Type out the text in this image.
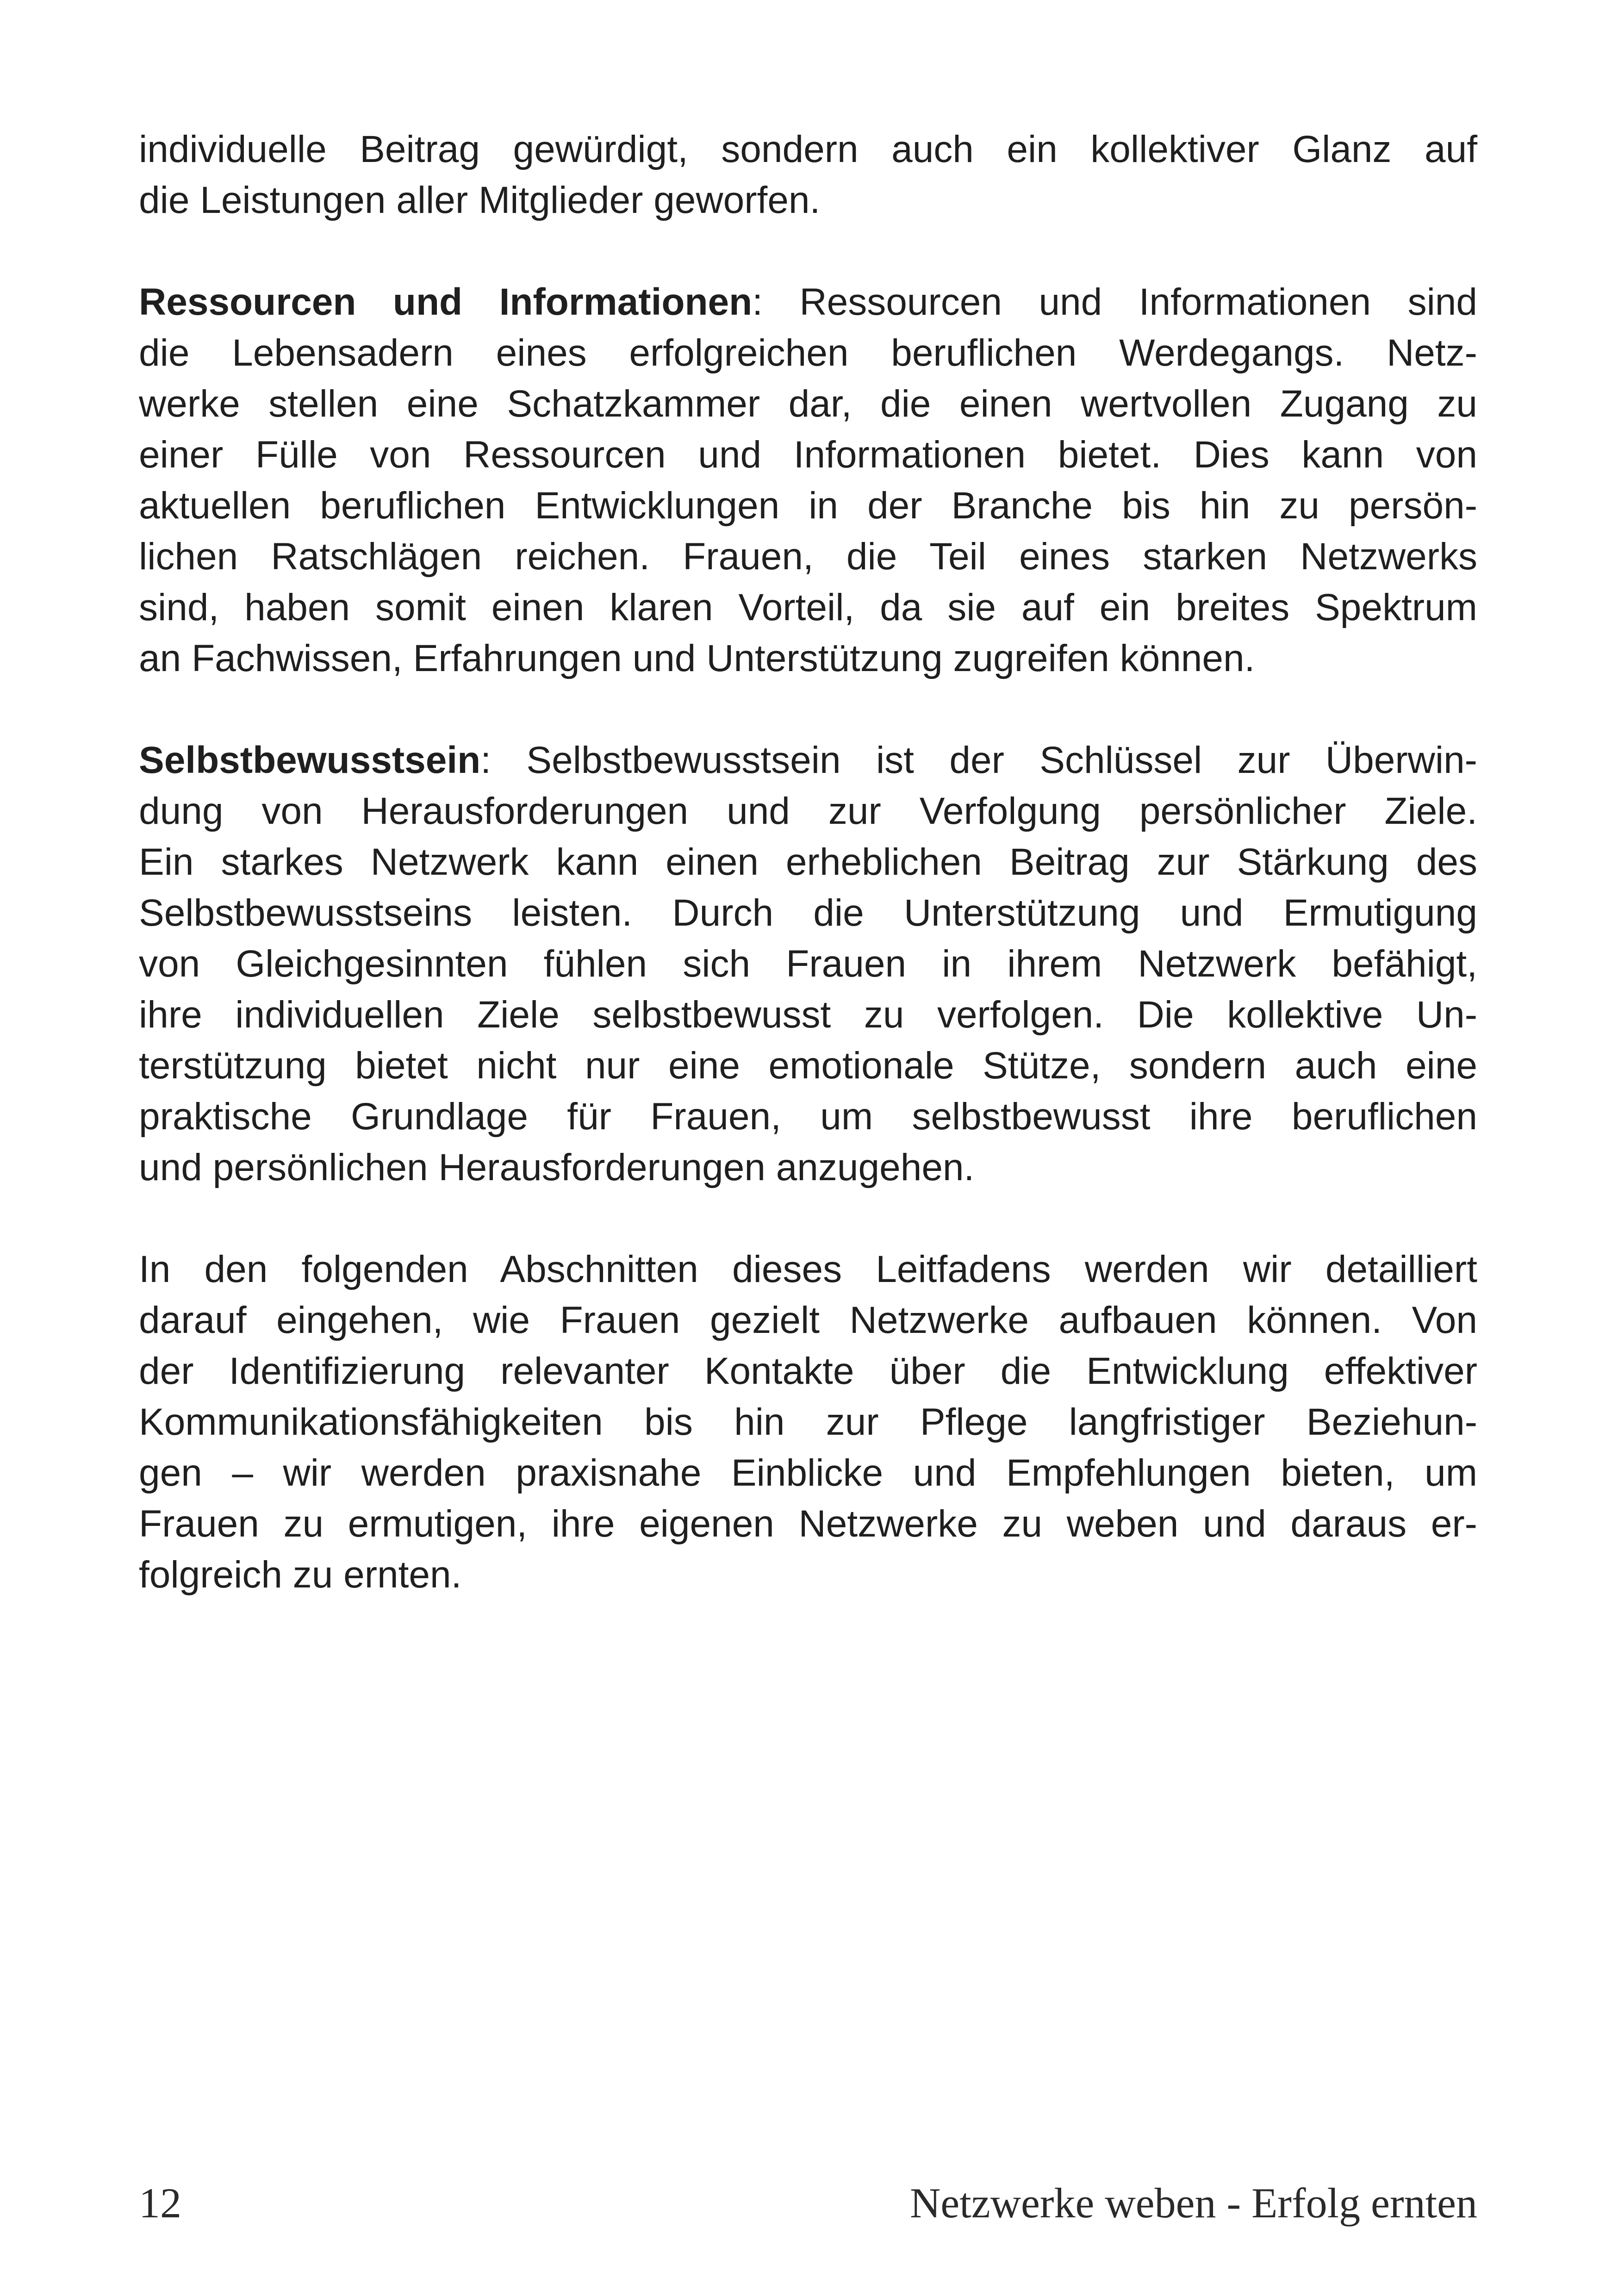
individuelle Beitrag gewürdigt, sondern auch ein kollektiver Glanz auf
die Leistungen aller Mitglieder geworfen.
Ressourcen und Informationen: Ressourcen und Informationen sind
die Lebensadern eines erfolgreichen beruflichen Werdegangs. Netz-
werke stellen eine Schatzkammer dar, die einen wertvollen Zugang zu
einer Fülle von Ressourcen und Informationen bietet. Dies kann von
aktuellen beruflichen Entwicklungen in der Branche bis hin zu persön-
lichen Ratschlägen reichen. Frauen, die Teil eines starken Netzwerks
sind, haben somit einen klaren Vorteil, da sie auf ein breites Spektrum
an Fachwissen, Erfahrungen und Unterstützung zugreifen können.
Selbstbewusstsein: Selbstbewusstsein ist der Schlüssel zur Überwin-
dung von Herausforderungen und zur Verfolgung persönlicher Ziele.
Ein starkes Netzwerk kann einen erheblichen Beitrag zur Stärkung des
Selbstbewusstseins leisten. Durch die Unterstützung und Ermutigung
von Gleichgesinnten fühlen sich Frauen in ihrem Netzwerk befähigt,
ihre individuellen Ziele selbstbewusst zu verfolgen. Die kollektive Un-
terstützung bietet nicht nur eine emotionale Stütze, sondern auch eine
praktische Grundlage für Frauen, um selbstbewusst ihre beruflichen
und persönlichen Herausforderungen anzugehen.
In den folgenden Abschnitten dieses Leitfadens werden wir detailliert
darauf eingehen, wie Frauen gezielt Netzwerke aufbauen können. Von
der Identifizierung relevanter Kontakte über die Entwicklung effektiver
Kommunikationsfähigkeiten bis hin zur Pflege langfristiger Beziehun-
gen – wir werden praxisnahe Einblicke und Empfehlungen bieten, um
Frauen zu ermutigen, ihre eigenen Netzwerke zu weben und daraus er-
folgreich zu ernten.
12	Netzwerke weben - Erfolg ernten
